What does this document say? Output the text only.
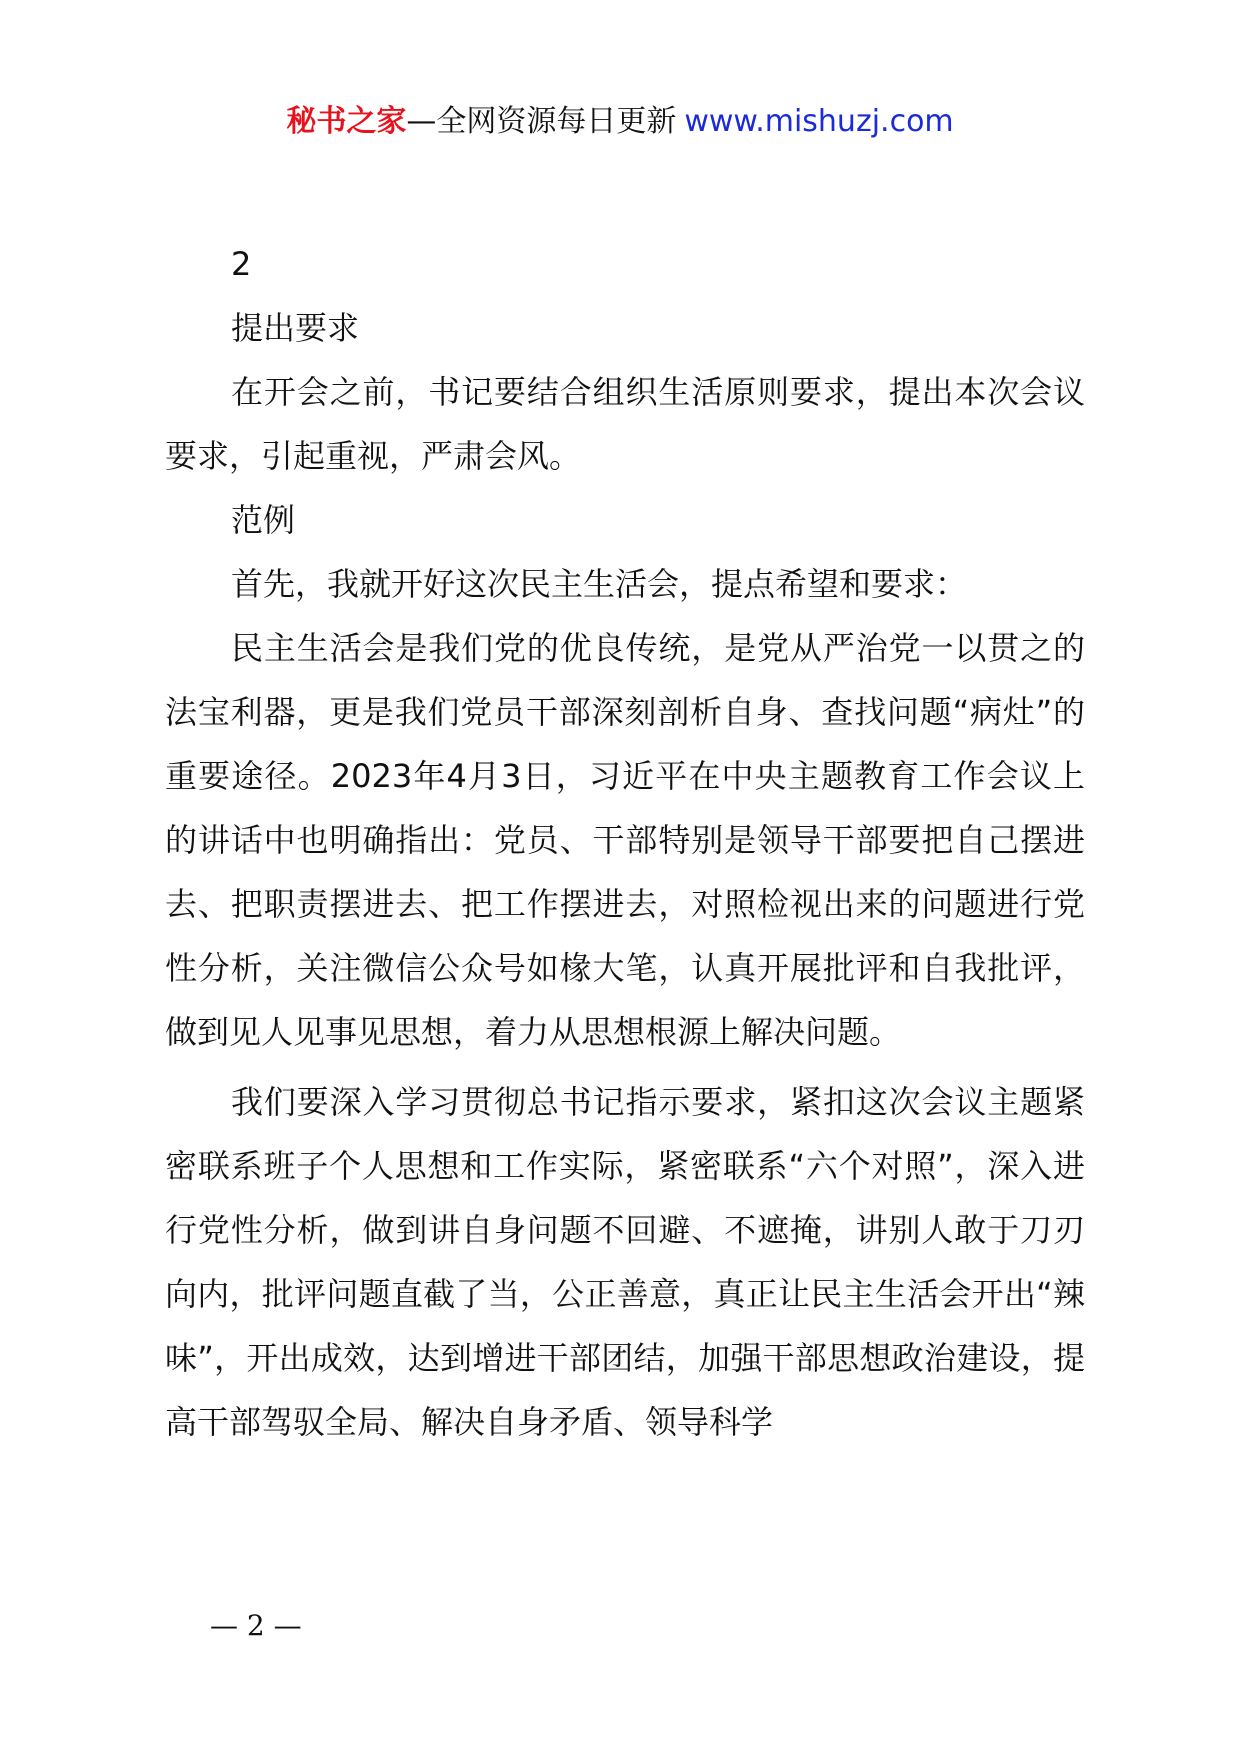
秘书之家—全网资源每日更新 www.mishuzj.com

2

提出要求

在开会之前，书记要结合组织生活原则要求，提出本次会议要求，引起重视，严肃会风。

范例

首先，我就开好这次民主生活会，提点希望和要求：

民主生活会是我们党的优良传统，是党从严治党一以贯之的法宝利器，更是我们党员干部深刻剖析自身、查找问题“病灶”的重要途径。2023年4月3日，习近平在中央主题教育工作会议上的讲话中也明确指出：党员、干部特别是领导干部要把自己摆进去、把职责摆进去、把工作摆进去，对照检视出来的问题进行党性分析，关注微信公众号如椽大笔，认真开展批评和自我批评，做到见人见事见思想，着力从思想根源上解决问题。

我们要深入学习贯彻总书记指示要求，紧扣这次会议主题紧密联系班子个人思想和工作实际，紧密联系“六个对照”，深入进行党性分析，做到讲自身问题不回避、不遮掩，讲别人敢于刀刃向内，批评问题直截了当，公正善意，真正让民主生活会开出“辣味”，开出成效，达到增进干部团结，加强干部思想政治建设，提高干部驾驭全局、解决自身矛盾、领导科学

— 2 —
